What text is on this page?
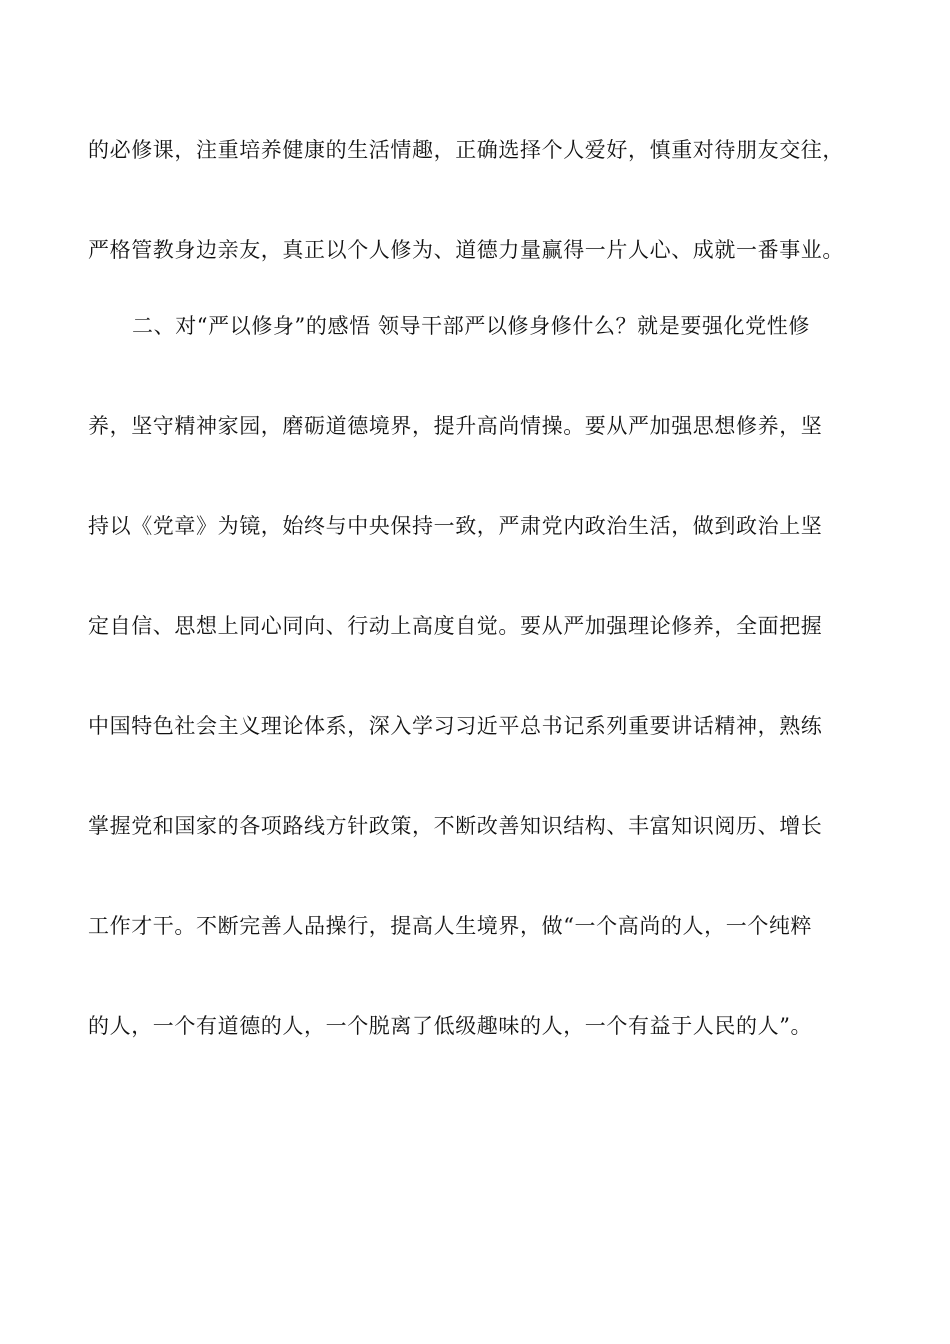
的必修课，注重培养健康的生活情趣，正确选择个人爱好，慎重对待朋友交往，
严格管教身边亲友，真正以个人修为、道德力量赢得一片人心、成就一番事业。
二、对“严以修身”的感悟 领导干部严以修身修什么？就是要强化党性修
养，坚守精神家园，磨砺道德境界，提升高尚情操。要从严加强思想修养，坚
持以《党章》为镜，始终与中央保持一致，严肃党内政治生活，做到政治上坚
定自信、思想上同心同向、行动上高度自觉。要从严加强理论修养，全面把握
中国特色社会主义理论体系，深入学习习近平总书记系列重要讲话精神，熟练
掌握党和国家的各项路线方针政策，不断改善知识结构、丰富知识阅历、增长
工作才干。不断完善人品操行，提高人生境界，做“一个高尚的人，一个纯粹
的人，一个有道德的人，一个脱离了低级趣味的人，一个有益于人民的人”。
